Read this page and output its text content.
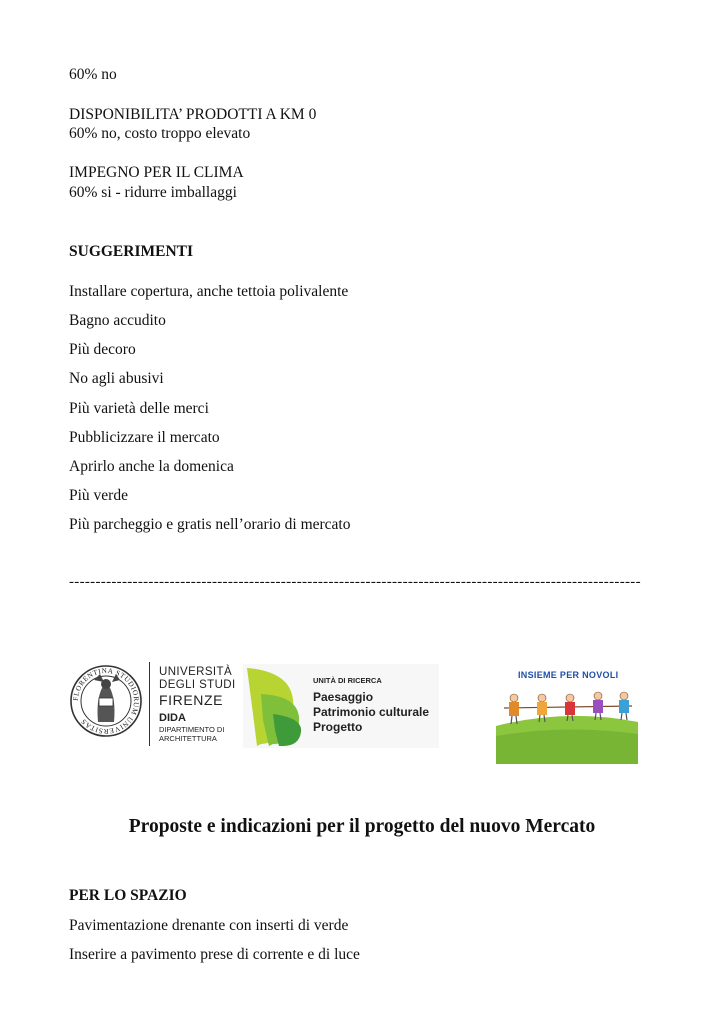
60% no
DISPONIBILITA’ PRODOTTI A KM 0
60% no, costo troppo elevato
IMPEGNO PER IL CLIMA
60% si - ridurre imballaggi
SUGGERIMENTI
Installare copertura, anche tettoia polivalente
Bagno accudito
Più decoro
No agli abusivi
Più varietà delle merci
Pubblicizzare il mercato
Aprirlo anche la domenica
Più verde
Più parcheggio e gratis nell’orario di mercato
------------------------------------------------------------------------------------------------------------
FLORENTINA STUDIORUM UNIVERSITAS
UNIVERSITÀ
DEGLI STUDI
FIRENZE
DIDA
DIPARTIMENTO DI
ARCHITETTURA
UNITÀ DI RICERCA
Paesaggio
Patrimonio culturale
Progetto
INSIEME PER NOVOLI
Proposte e indicazioni per il progetto del nuovo Mercato
PER LO SPAZIO
Pavimentazione drenante con inserti di verde
Inserire a pavimento prese di corrente e di luce
